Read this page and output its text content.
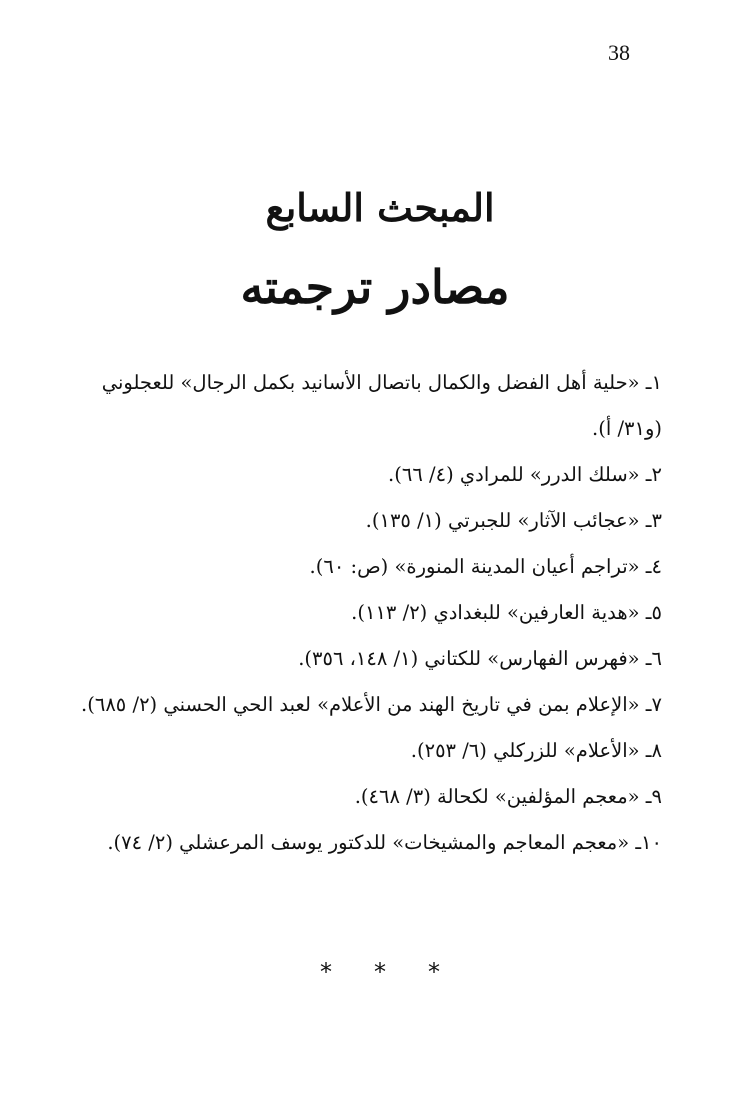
38
المبحث السابع
مصادر ترجمته
١ـ «حلية أهل الفضل والكمال باتصال الأسانيد بكمل الرجال» للعجلوني (و٣١/ أ).
٢ـ «سلك الدرر» للمرادي (٤/ ٦٦).
٣ـ «عجائب الآثار» للجبرتي (١/ ١٣٥).
٤ـ «تراجم أعيان المدينة المنورة» (ص: ٦٠).
٥ـ «هدية العارفين» للبغدادي (٢/ ١١٣).
٦ـ «فهرس الفهارس» للكتاني (١/ ١٤٨، ٣٥٦).
٧ـ «الإعلام بمن في تاريخ الهند من الأعلام» لعبد الحي الحسني (٢/ ٦٨٥).
٨ـ «الأعلام» للزركلي (٦/ ٢٥٣).
٩ـ «معجم المؤلفين» لكحالة (٣/ ٤٦٨).
١٠ـ «معجم المعاجم والمشيخات» للدكتور يوسف المرعشلي (٢/ ٧٤).
* * *
